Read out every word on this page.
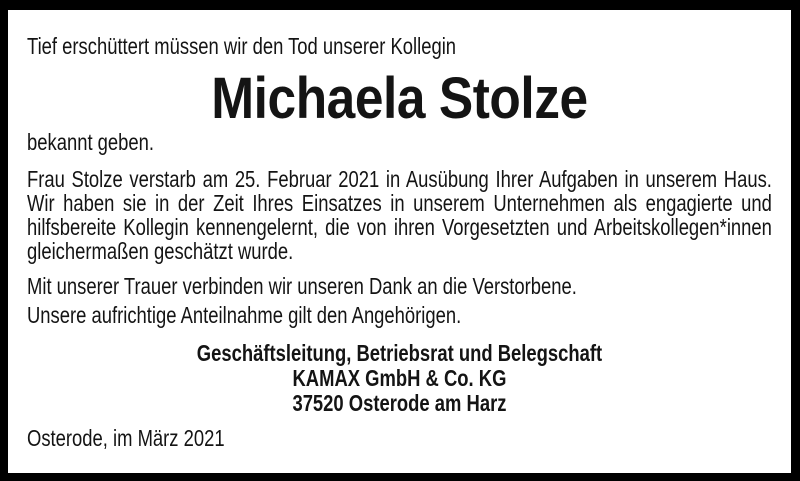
Tief erschüttert müssen wir den Tod unserer Kollegin
Michaela Stolze
bekannt geben.
Frau Stolze verstarb am 25. Februar 2021 in Ausübung Ihrer Aufgaben in unserem Haus. Wir haben sie in der Zeit Ihres Einsatzes in unserem Unternehmen als engagierte und hilfsbereite Kollegin kennengelernt, die von ihren Vorgesetzten und Arbeitskollegen*innen gleichermaßen geschätzt wurde.
Mit unserer Trauer verbinden wir unseren Dank an die Verstorbene.
Unsere aufrichtige Anteilnahme gilt den Angehörigen.
Geschäftsleitung, Betriebsrat und Belegschaft
KAMAX GmbH & Co. KG
37520 Osterode am Harz
Osterode, im März 2021
